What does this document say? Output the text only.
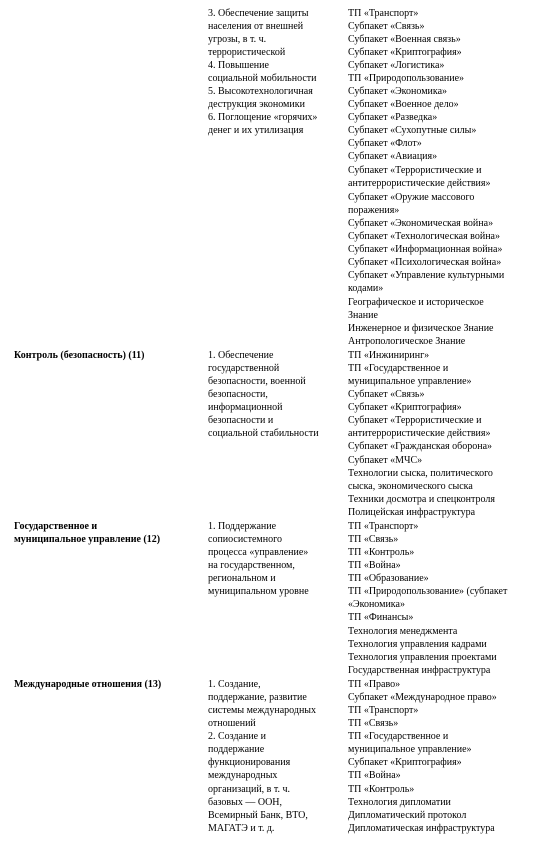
3. Обеспечение защиты
населения от внешней
угрозы, в т. ч.
террористической
4. Повышение
социальной мобильности
5. Высокотехнологичная
деструкция экономики
6. Поглощение «горячих»
денег и их утилизация
ТП «Транспорт»
Субпакет «Связь»
Субпакет «Военная связь»
Субпакет «Криптография»
Субпакет «Логистика»
ТП «Природопользование»
Субпакет «Экономика»
Субпакет «Военное дело»
Субпакет «Разведка»
Субпакет «Сухопутные силы»
Субпакет «Флот»
Субпакет «Авиация»
Субпакет «Террористические и
антитеррористические действия»
Субпакет «Оружие массового
поражения»
Субпакет «Экономическая война»
Субпакет «Технологическая война»
Субпакет «Информационная война»
Субпакет «Психологическая война»
Субпакет «Управление культурными
кодами»
Географическое и историческое
Знание
Инженерное и физическое Знание
Антропологическое Знание
Контроль (безопасность) (11)	1. Обеспечение
государственной
безопасности, военной
безопасности,
информационной
безопасности и
социальной стабильности
ТП «Инжиниринг»
ТП «Государственное и
муниципальное управление»
Субпакет «Связь»
Субпакет «Криптография»
Субпакет «Террористические и
антитеррористические действия»
Субпакет «Гражданская оборона»
Субпакет «МЧС»
Технологии сыска, политического
сыска, экономического сыска
Техники досмотра и спецконтроля
Полицейская инфраструктура
Государственное и
муниципальное управление (12)
1. Поддержание
сопиосистемного
процесса «управление»
на государственном,
региональном и
муниципальном уровне
ТП «Транспорт»
ТП «Связь»
ТП «Контроль»
ТП «Война»
ТП «Образование»
ТП «Природопользование» (субпакет
«Экономика»
ТП «Финансы»
Технология менеджмента
Технология управления кадрами
Технология управления проектами
Государственная инфраструктура
Международные отношения (13)	1. Создание,
поддержание, развитие
системы международных
отношений
2. Создание и
поддержание
функционирования
международных
организаций, в т. ч.
базовых — ООН,
Всемирный Банк, ВТО,
МАГАТЭ и т. д.
ТП «Право»
Субпакет «Международное право»
ТП «Транспорт»
ТП «Связь»
ТП «Государственное и
муниципальное управление»
Субпакет «Криптография»
ТП «Война»
ТП «Контроль»
Технология дипломатии
Дипломатический протокол
Дипломатическая инфраструктура
